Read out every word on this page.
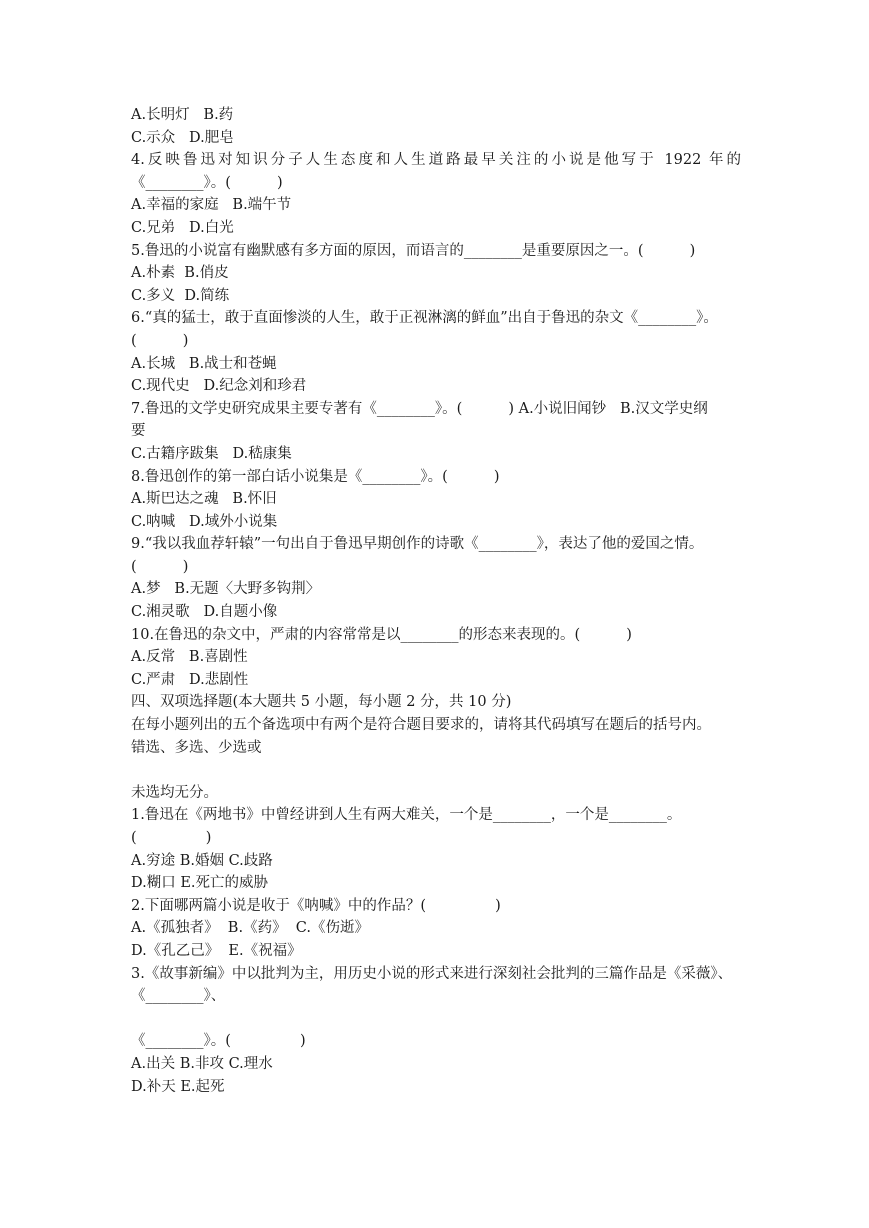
A.长明灯   B.药
C.示众   D.肥皂
4.反映鲁迅对知识分子人生态度和人生道路最早关注的小说是他写于 1922 年的
《________》。(          )
A.幸福的家庭   B.端午节
C.兄弟   D.白光
5.鲁迅的小说富有幽默感有多方面的原因，而语言的________是重要原因之一。(          )
A.朴素  B.俏皮
C.多义  D.简练
6.“真的猛士，敢于直面惨淡的人生，敢于正视淋漓的鲜血”出自于鲁迅的杂文《________》。
(          )
A.长城   B.战士和苍蝇
C.现代史   D.纪念刘和珍君
7.鲁迅的文学史研究成果主要专著有《________》。(          ) A.小说旧闻钞   B.汉文学史纲
要
C.古籍序跋集   D.嵇康集
8.鲁迅创作的第一部白话小说集是《________》。(          )
A.斯巴达之魂   B.怀旧
C.呐喊   D.域外小说集
9.“我以我血荐轩辕”一句出自于鲁迅早期创作的诗歌《________》，表达了他的爱国之情。
(          )
A.梦   B.无题〈大野多钩荆〉
C.湘灵歌   D.自题小像
10.在鲁迅的杂文中，严肃的内容常常是以________的形态来表现的。(          )
A.反常   B.喜剧性
C.严肃   D.悲剧性
四、双项选择题(本大题共 5 小题，每小题 2 分，共 10 分)
在每小题列出的五个备选项中有两个是符合题目要求的，请将其代码填写在题后的括号内。
错选、多选、少选或
未选均无分。
1.鲁迅在《两地书》中曾经讲到人生有两大难关，一个是________，一个是________。
(               )
A.穷途 B.婚姻 C.歧路
D.糊口 E.死亡的威胁
2.下面哪两篇小说是收于《呐喊》中的作品？(               )
A.《孤独者》  B.《药》  C.《伤逝》
D.《孔乙己》  E.《祝福》
3.《故事新编》中以批判为主，用历史小说的形式来进行深刻社会批判的三篇作品是《采薇》、
《________》、
《________》。(               )
A.出关 B.非攻 C.理水
D.补天 E.起死
